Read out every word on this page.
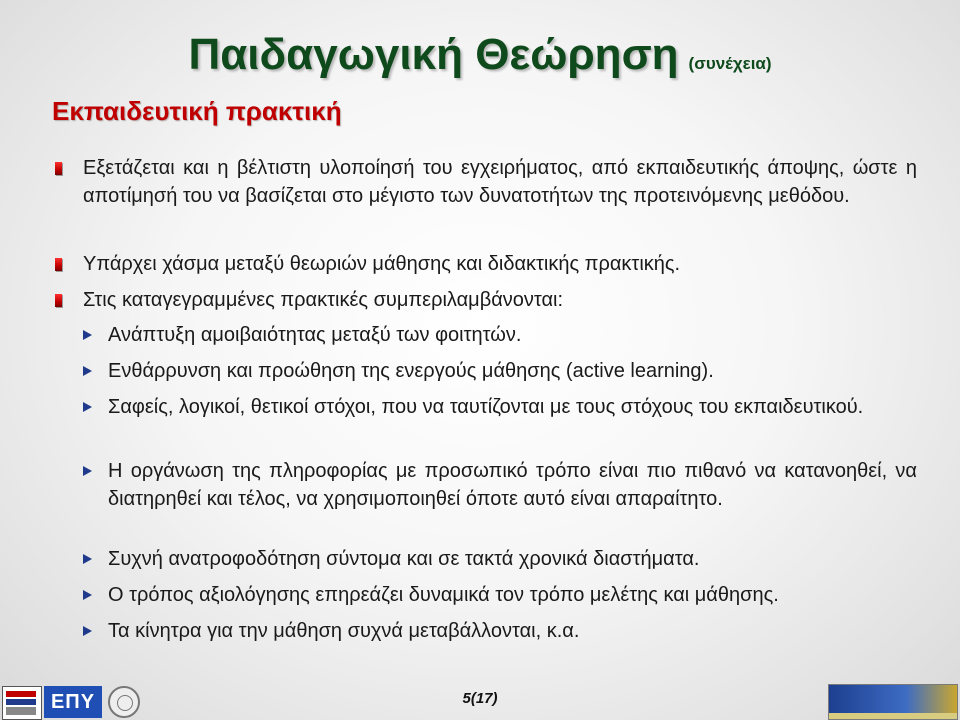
Παιδαγωγική Θεώρηση (συνέχεια)
Εκπαιδευτική πρακτική
Εξετάζεται και η βέλτιστη υλοποίησή του εγχειρήματος, από εκπαιδευτικής άποψης, ώστε η αποτίμησή του να βασίζεται στο μέγιστο των δυνατοτήτων της προτεινόμενης μεθόδου.
Υπάρχει χάσμα μεταξύ θεωριών μάθησης και διδακτικής πρακτικής.
Στις καταγεγραμμένες πρακτικές συμπεριλαμβάνονται:
Ανάπτυξη αμοιβαιότητας μεταξύ των φοιτητών.
Ενθάρρυνση και προώθηση της ενεργούς μάθησης (active learning).
Σαφείς, λογικοί, θετικοί στόχοι, που να ταυτίζονται με τους στόχους του εκπαιδευτικού.
Η οργάνωση της πληροφορίας με προσωπικό τρόπο είναι πιο πιθανό να κατανοηθεί, να διατηρηθεί και τέλος, να χρησιμοποιηθεί όποτε αυτό είναι απαραίτητο.
Συχνή ανατροφοδότηση σύντομα και σε τακτά χρονικά διαστήματα.
Ο τρόπος αξιολόγησης επηρεάζει δυναμικά τον τρόπο μελέτης και μάθησης.
Τα κίνητρα για την μάθηση συχνά μεταβάλλονται, κ.α.
ΕΠΥ	5(17)
